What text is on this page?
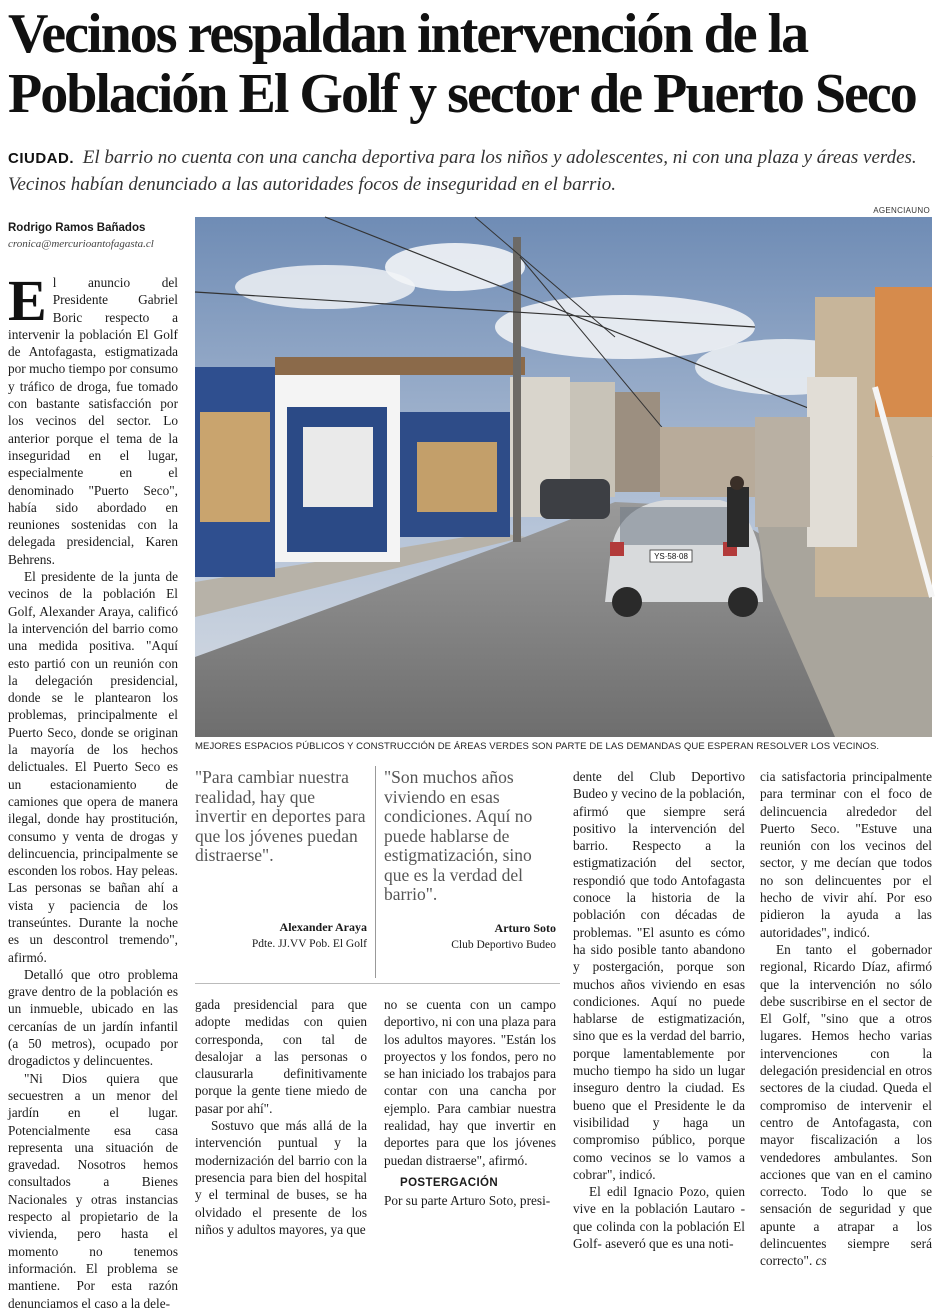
Vecinos respaldan intervención de la
Población El Golf y sector de Puerto Seco
CIUDAD. El barrio no cuenta con una cancha deportiva para los niños y adolescentes, ni con una plaza y áreas verdes. Vecinos habían denunciado a las autoridades focos de inseguridad en el barrio.
Rodrigo Ramos Bañados
cronica@mercurioantofagasta.cl
AGENCIAUNO
YS·58·08
MEJORES ESPACIOS PÚBLICOS Y CONSTRUCCIÓN DE ÁREAS VERDES SON PARTE DE LAS DEMANDAS QUE ESPERAN RESOLVER LOS VECINOS.

El anuncio del Presidente Gabriel Boric respecto a intervenir la población El Golf de Antofagasta, estigmatizada por mucho tiempo por consumo y tráfico de droga, fue tomado con bastante satisfacción por los vecinos del sector. Lo anterior porque el tema de la inseguridad en el lugar, especialmente en el denominado "Puerto Seco", había sido abordado en reuniones sostenidas con la delegada presidencial, Karen Behrens.

El presidente de la junta de vecinos de la población El Golf, Alexander Araya, calificó la intervención del barrio como una medida positiva. "Aquí esto partió con un reunión con la delegación presidencial, donde se le plantearon los problemas, principalmente el Puerto Seco, donde se originan la mayoría de los hechos delictuales. El Puerto Seco es un estacionamiento de camiones que opera de manera ilegal, donde hay prostitución, consumo y venta de drogas y delincuencia, principalmente se esconden los robos. Hay peleas. Las personas se bañan ahí a vista y paciencia de los transeúntes. Durante la noche es un descontrol tremendo", afirmó.

Detalló que otro problema grave dentro de la población es un inmueble, ubicado en las cercanías de un jardín infantil (a 50 metros), ocupado por drogadictos y delincuentes.

"Ni Dios quiera que secuestren a un menor del jardín en el lugar. Potencialmente esa casa representa una situación de gravedad. Nosotros hemos consultados a Bienes Nacionales y otras instancias respecto al propietario de la vivienda, pero hasta el momento no tenemos información. El problema se mantiene. Por esta razón denunciamos el caso a la dele-

"Para cambiar nuestra realidad, hay que invertir en deportes para que los jóvenes puedan distraerse".
Alexander Araya
Pdte. JJ.VV Pob. El Golf
"Son muchos años viviendo en esas condiciones. Aquí no puede hablarse de estigmatización, sino que es la verdad del barrio".
Arturo Soto
Club Deportivo Budeo

gada presidencial para que adopte medidas con quien corresponda, con tal de desalojar a las personas o clausurarla definitivamente porque la gente tiene miedo de pasar por ahí".

Sostuvo que más allá de la intervención puntual y la modernización del barrio con la presencia para bien del hospital y el terminal de buses, se ha olvidado el presente de los niños y adultos mayores, ya que

no se cuenta con un campo deportivo, ni con una plaza para los adultos mayores. "Están los proyectos y los fondos, pero no se han iniciado los trabajos para contar con una cancha por ejemplo. Para cambiar nuestra realidad, hay que invertir en deportes para que los jóvenes puedan distraerse", afirmó.

POSTERGACIÓN

Por su parte Arturo Soto, presi-

dente del Club Deportivo Budeo y vecino de la población, afirmó que siempre será positivo la intervención del barrio. Respecto a la estigmatización del sector, respondió que todo Antofagasta conoce la historia de la población con décadas de problemas. "El asunto es cómo ha sido posible tanto abandono y postergación, porque son muchos años viviendo en esas condiciones. Aquí no puede hablarse de estigmatización, sino que es la verdad del barrio, porque lamentablemente por mucho tiempo ha sido un lugar inseguro dentro la ciudad. Es bueno que el Presidente le da visibilidad y haga un compromiso público, porque como vecinos se lo vamos a cobrar", indicó.

El edil Ignacio Pozo, quien vive en la población Lautaro - que colinda con la población El Golf- aseveró que es una noti-

cia satisfactoria principalmente para terminar con el foco de delincuencia alrededor del Puerto Seco. "Estuve una reunión con los vecinos del sector, y me decían que todos no son delincuentes por el hecho de vivir ahí. Por eso pidieron la ayuda a las autoridades", indicó.

En tanto el gobernador regional, Ricardo Díaz, afirmó que la intervención no sólo debe suscribirse en el sector de El Golf, "sino que a otros lugares. Hemos hecho varias intervenciones con la delegación presidencial en otros sectores de la ciudad. Queda el compromiso de intervenir el centro de Antofagasta, con mayor fiscalización a los vendedores ambulantes. Son acciones que van en el camino correcto. Todo lo que se sensación de seguridad y que apunte a atrapar a los delincuentes siempre será correcto". cs
